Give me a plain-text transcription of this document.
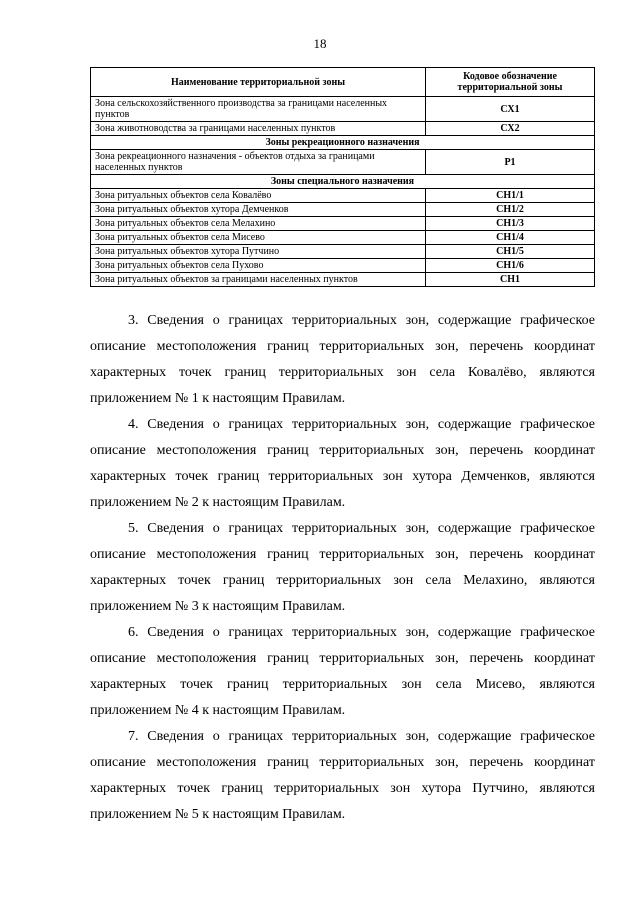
18
Наименование территориальной зоны	Кодовое обозначение территориальной зоны
Зона сельскохозяйственного производства за границами населенных пунктов	СХ1
Зона животноводства за границами населенных пунктов	СХ2
Зоны рекреационного назначения	
Зона рекреационного назначения - объектов отдыха за границами населенных пунктов	Р1
Зоны специального назначения	
Зона ритуальных объектов села Ковалёво	СН1/1
Зона ритуальных объектов хутора Демченков	СН1/2
Зона ритуальных объектов села Мелахино	СН1/3
Зона ритуальных объектов села Мисево	СН1/4
Зона ритуальных объектов хутора Путчино	СН1/5
Зона ритуальных объектов села Пухово	СН1/6
Зона ритуальных объектов за границами населенных пунктов	СН1

3. Сведения о границах территориальных зон, содержащие графическое описание местоположения границ территориальных зон, перечень координат характерных точек границ территориальных зон села Ковалёво, являются приложением № 1 к настоящим Правилам.

4. Сведения о границах территориальных зон, содержащие графическое описание местоположения границ территориальных зон, перечень координат характерных точек границ территориальных зон хутора Демченков, являются приложением № 2 к настоящим Правилам.

5. Сведения о границах территориальных зон, содержащие графическое описание местоположения границ территориальных зон, перечень координат характерных точек границ территориальных зон села Мелахино, являются приложением № 3 к настоящим Правилам.

6. Сведения о границах территориальных зон, содержащие графическое описание местоположения границ территориальных зон, перечень координат характерных точек границ территориальных зон села Мисево, являются приложением № 4 к настоящим Правилам.

7. Сведения о границах территориальных зон, содержащие графическое описание местоположения границ территориальных зон, перечень координат характерных точек границ территориальных зон хутора Путчино, являются приложением № 5 к настоящим Правилам.
